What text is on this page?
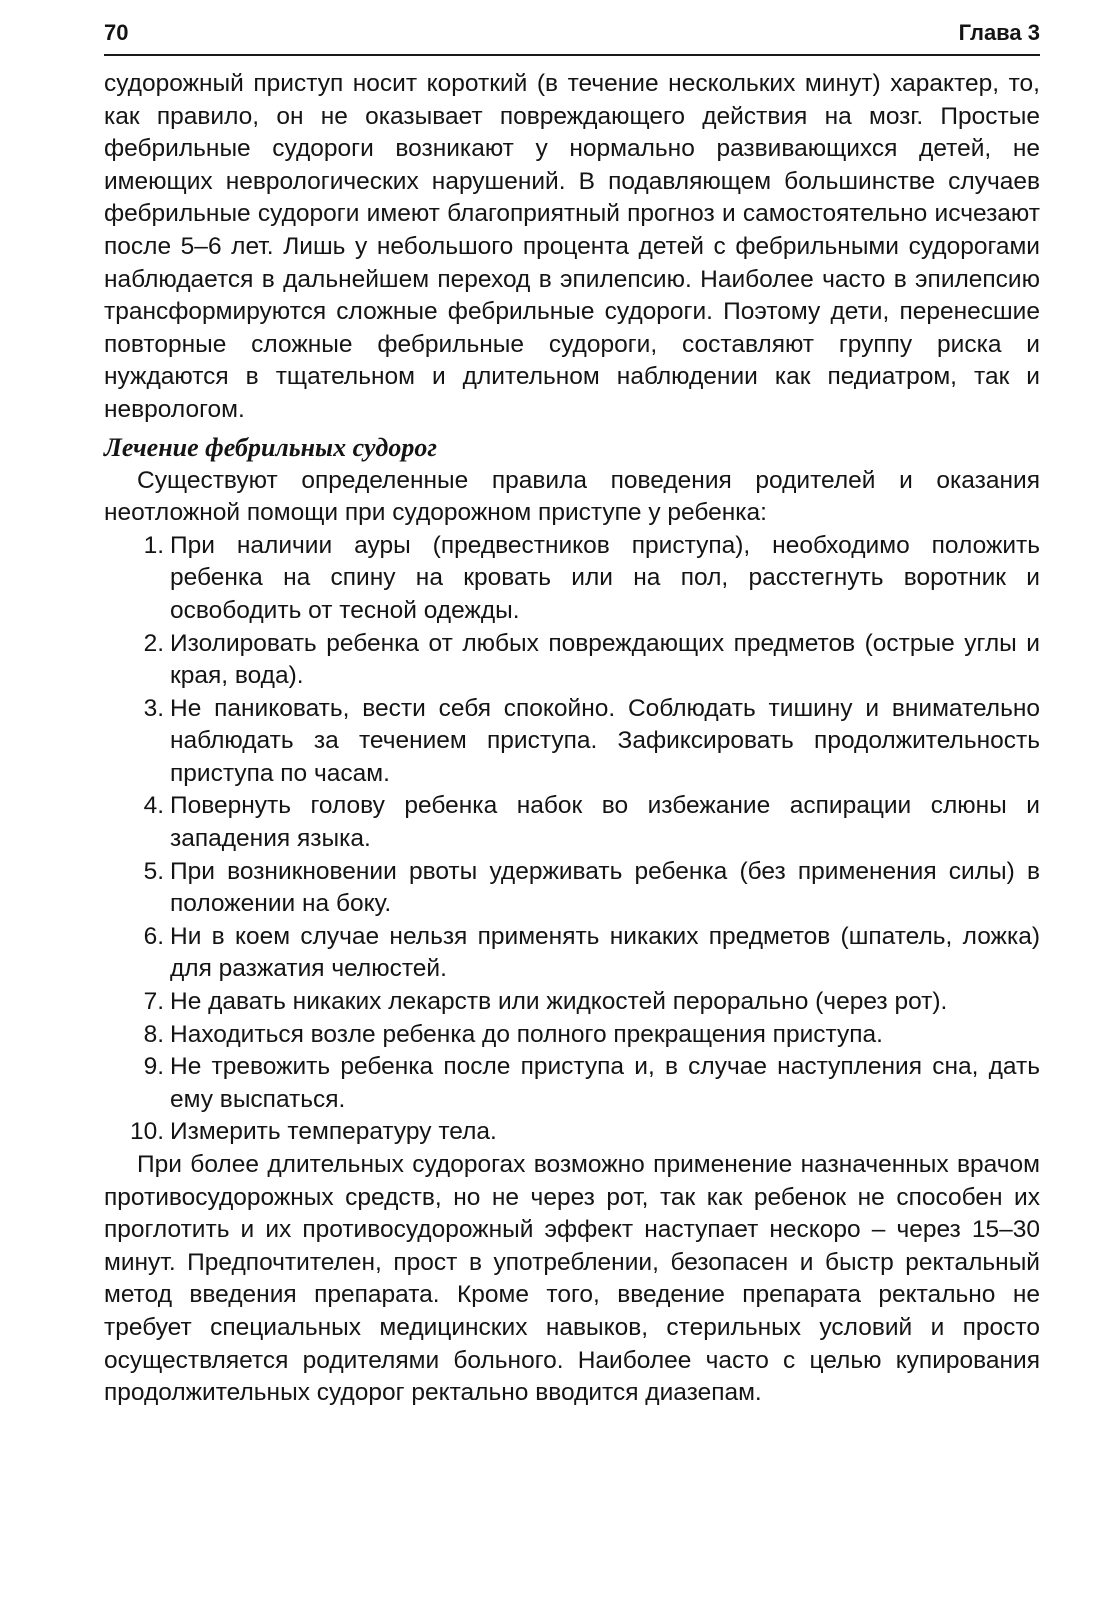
70	Глава 3

судорожный приступ носит короткий (в течение нескольких минут) характер, то, как правило, он не оказывает повреждающего действия на мозг. Простые фебрильные судороги возникают у нормально развивающихся детей, не имеющих неврологических нарушений. В подавляющем большинстве случаев фебрильные судороги имеют благоприятный прогноз и самостоятельно исчезают после 5–6 лет. Лишь у небольшого процента детей с фебрильными судорогами наблюдается в дальнейшем переход в эпилепсию. Наиболее часто в эпилепсию трансформируются сложные фебрильные судороги. Поэтому дети, перенесшие повторные сложные фебрильные судороги, составляют группу риска и нуждаются в тщательном и длительном наблюдении как педиатром, так и неврологом.

Лечение фебрильных судорог

Существуют определенные правила поведения родителей и оказания неотложной помощи при судорожном приступе у ребенка:

1. При наличии ауры (предвестников приступа), необходимо положить ребенка на спину на кровать или на пол, расстегнуть воротник и освободить от тесной одежды.
2. Изолировать ребенка от любых повреждающих предметов (острые углы и края, вода).
3. Не паниковать, вести себя спокойно. Соблюдать тишину и внимательно наблюдать за течением приступа. Зафиксировать продолжительность приступа по часам.
4. Повернуть голову ребенка набок во избежание аспирации слюны и западения языка.
5. При возникновении рвоты удерживать ребенка (без применения силы) в положении на боку.
6. Ни в коем случае нельзя применять никаких предметов (шпатель, ложка) для разжатия челюстей.
7. Не давать никаких лекарств или жидкостей перорально (через рот).
8. Находиться возле ребенка до полного прекращения приступа.
9. Не тревожить ребенка после приступа и, в случае наступления сна, дать ему выспаться.
10. Измерить температуру тела.

При более длительных судорогах возможно применение назначенных врачом противосудорожных средств, но не через рот, так как ребенок не способен их проглотить и их противосудорожный эффект наступает нескоро – через 15–30 минут. Предпочтителен, прост в употреблении, безопасен и быстр ректальный метод введения препарата. Кроме того, введение препарата ректально не требует специальных медицинских навыков, стерильных условий и просто осуществляется родителями больного. Наиболее часто с целью купирования продолжительных судорог ректально вводится диазепам.
